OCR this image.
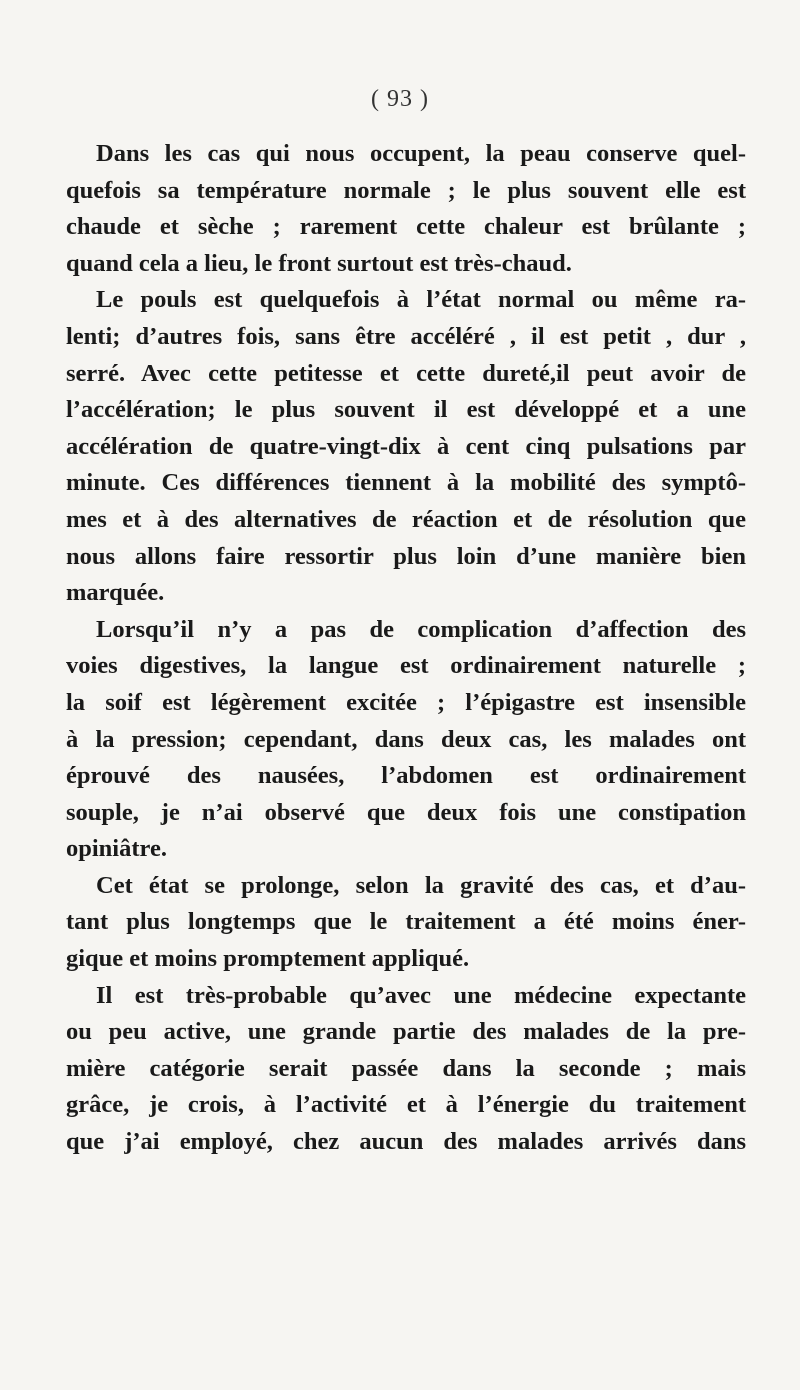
( 93 )
Dans les cas qui nous occupent, la peau conserve quel-
quefois sa température normale ; le plus souvent elle est
chaude et sèche ; rarement cette chaleur est brûlante ;
quand cela a lieu, le front surtout est très-chaud.
Le pouls est quelquefois à l’état normal ou même ra-
lenti; d’autres fois, sans être accéléré , il est petit , dur ,
serré. Avec cette petitesse et cette dureté,il peut avoir de
l’accélération; le plus souvent il est développé et a une
accélération de quatre-vingt-dix à cent cinq pulsations par
minute. Ces différences tiennent à la mobilité des symptô-
mes et à des alternatives de réaction et de résolution que
nous allons faire ressortir plus loin d’une manière bien
marquée.
Lorsqu’il n’y a pas de complication d’affection des
voies digestives, la langue est ordinairement naturelle ;
la soif est légèrement excitée ; l’épigastre est insensible
à la pression; cependant, dans deux cas, les malades ont
éprouvé des nausées, l’abdomen est ordinairement
souple, je n’ai observé que deux fois une constipation
opiniâtre.
Cet état se prolonge, selon la gravité des cas, et d’au-
tant plus longtemps que le traitement a été moins éner-
gique et moins promptement appliqué.
Il est très-probable qu’avec une médecine expectante
ou peu active, une grande partie des malades de la pre-
mière catégorie serait passée dans la seconde ; mais
grâce, je crois, à l’activité et à l’énergie du traitement
que j’ai employé, chez aucun des malades arrivés dans
